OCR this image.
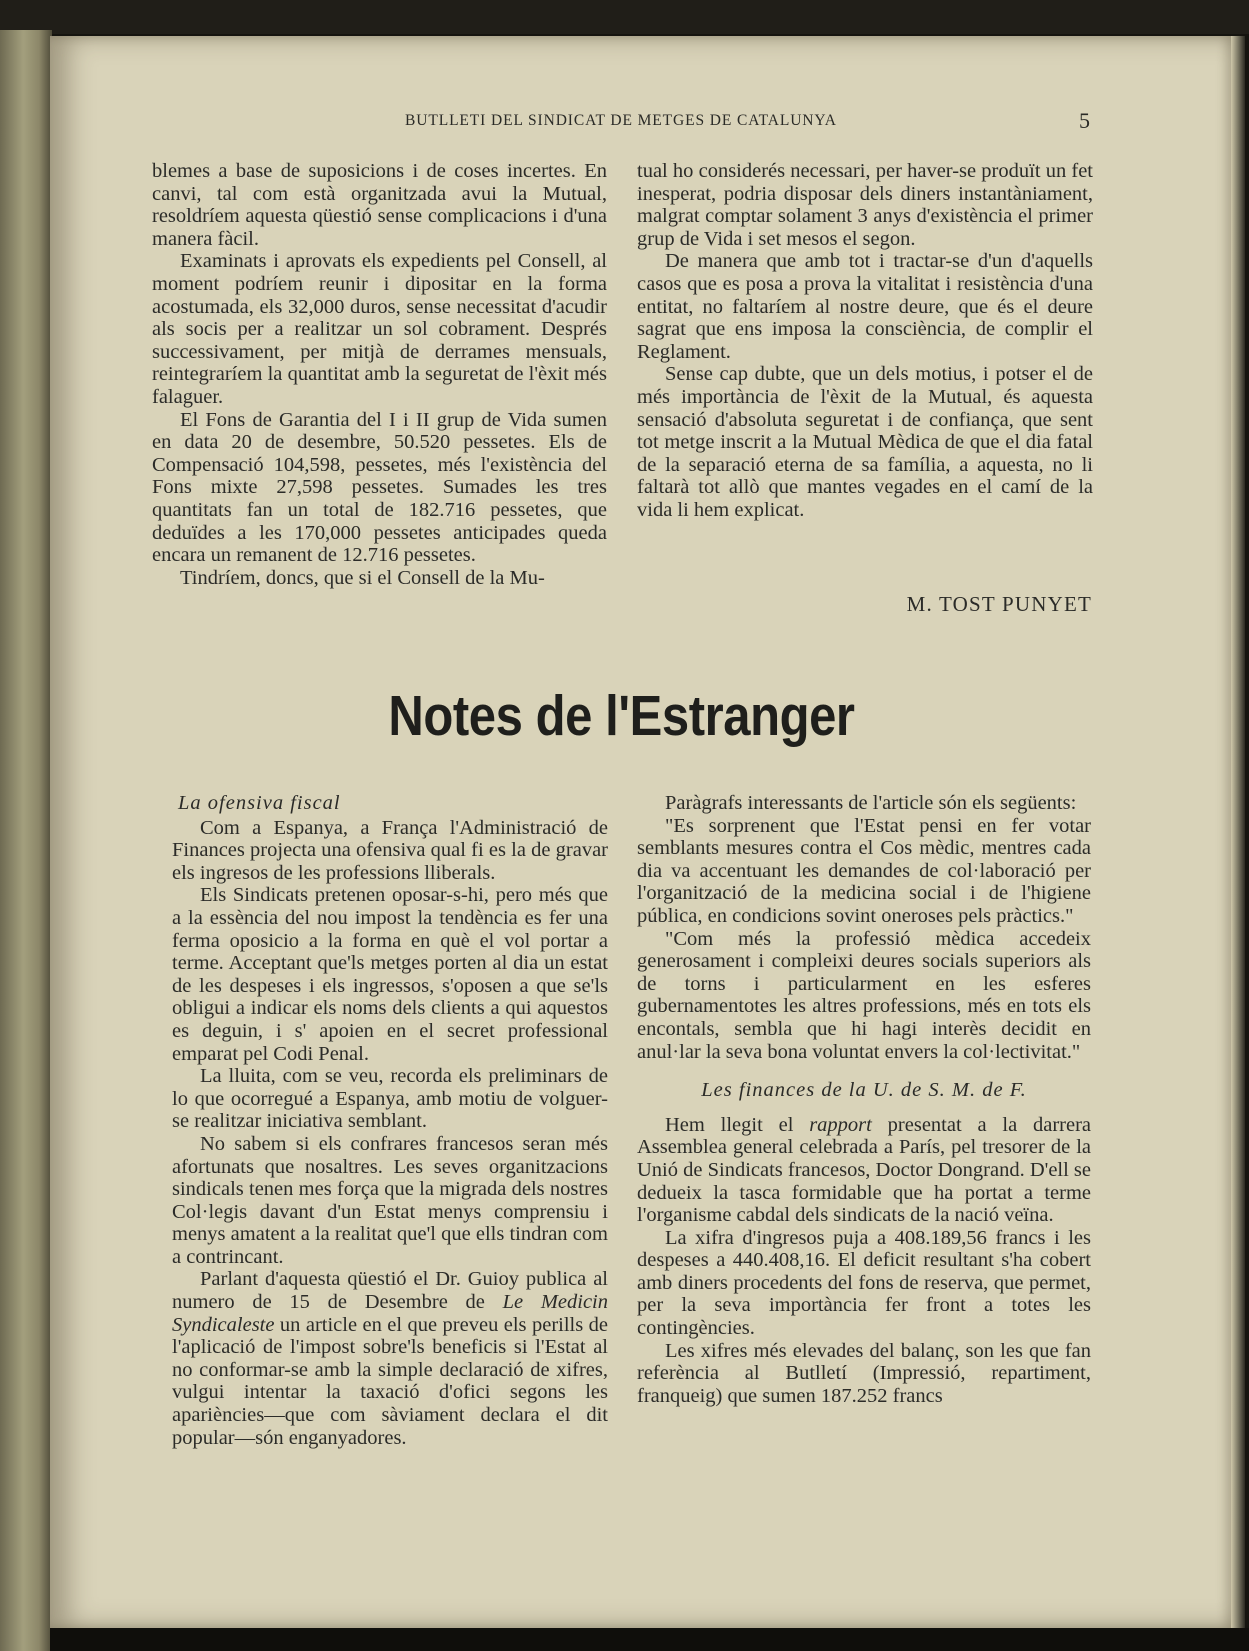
BUTLLETI DEL SINDICAT DE METGES DE CATALUNYA	5

blemes a base de suposicions i de coses incertes. En canvi, tal com està organitzada avui la Mutual, resoldríem aquesta qüestió sense complicacions i d'una manera fàcil.

Examinats i aprovats els expedients pel Consell, al moment podríem reunir i dipositar en la forma acostumada, els 32,000 duros, sense necessitat d'acudir als socis per a realitzar un sol cobrament. Després successivament, per mitjà de derrames mensuals, reintegraríem la quantitat amb la seguretat de l'èxit més falaguer.

El Fons de Garantia del I i II grup de Vida sumen en data 20 de desembre, 50.520 pessetes. Els de Compensació 104,598, pessetes, més l'existència del Fons mixte 27,598 pessetes. Sumades les tres quantitats fan un total de 182.716 pessetes, que deduïdes a les 170,000 pessetes anticipades queda encara un remanent de 12.716 pessetes.

Tindríem, doncs, que si el Consell de la Mu-

tual ho considerés necessari, per haver-se produït un fet inesperat, podria disposar dels diners instantàniament, malgrat comptar solament 3 anys d'existència el primer grup de Vida i set mesos el segon.

De manera que amb tot i tractar-se d'un d'aquells casos que es posa a prova la vitalitat i resistència d'una entitat, no faltaríem al nostre deure, que és el deure sagrat que ens imposa la consciència, de complir el Reglament.

Sense cap dubte, que un dels motius, i potser el de més importància de l'èxit de la Mutual, és aquesta sensació d'absoluta seguretat i de confiança, que sent tot metge inscrit a la Mutual Mèdica de que el dia fatal de la separació eterna de sa família, a aquesta, no li faltarà tot allò que mantes vegades en el camí de la vida li hem explicat.

M. TOST PUNYET
Notes de l'Estranger

La ofensiva fiscal

Com a Espanya, a França l'Administració de Finances projecta una ofensiva qual fi es la de gravar els ingresos de les professions lliberals.

Els Sindicats pretenen oposar-s-hi, pero més que a la essència del nou impost la tendència es fer una ferma oposicio a la forma en què el vol portar a terme. Acceptant que'ls metges porten al dia un estat de les despeses i els ingressos, s'oposen a que se'ls obligui a indicar els noms dels clients a qui aquestos es deguin, i s' apoien en el secret professional emparat pel Codi Penal.

La lluita, com se veu, recorda els preliminars de lo que ocorregué a Espanya, amb motiu de volguer-se realitzar iniciativa semblant.

No sabem si els confrares francesos seran més afortunats que nosaltres. Les seves organitzacions sindicals tenen mes força que la migrada dels nostres Col·legis davant d'un Estat menys comprensiu i menys amatent a la realitat que'l que ells tindran com a contrincant.

Parlant d'aquesta qüestió el Dr. Guioy publica al numero de 15 de Desembre de Le Medicin Syndicaleste un article en el que preveu els perills de l'aplicació de l'impost sobre'ls beneficis si l'Estat al no conformar-se amb la simple declaració de xifres, vulgui intentar la taxació d'ofici segons les apariències—que com sàviament declara el dit popular—són enganyadores.

Paràgrafs interessants de l'article són els següents:

"Es sorprenent que l'Estat pensi en fer votar semblants mesures contra el Cos mèdic, mentres cada dia va accentuant les demandes de col·laboració per l'organització de la medicina social i de l'higiene pública, en condicions sovint oneroses pels pràctics."

"Com més la professió mèdica accedeix generosament i compleixi deures socials superiors als de torns i particularment en les esferes gubernamentotes les altres professions, més en tots els encontals, sembla que hi hagi interès decidit en anul·lar la seva bona voluntat envers la col·lectivitat."

Les finances de la U. de S. M. de F.

Hem llegit el rapport presentat a la darrera Assemblea general celebrada a París, pel tresorer de la Unió de Sindicats francesos, Doctor Dongrand. D'ell se dedueix la tasca formidable que ha portat a terme l'organisme cabdal dels sindicats de la nació veïna.

La xifra d'ingresos puja a 408.189,56 francs i les despeses a 440.408,16. El deficit resultant s'ha cobert amb diners procedents del fons de reserva, que permet, per la seva importància fer front a totes les contingències.

Les xifres més elevades del balanç, son les que fan referència al Butlletí (Impressió, repartiment, franqueig) que sumen 187.252 francs
